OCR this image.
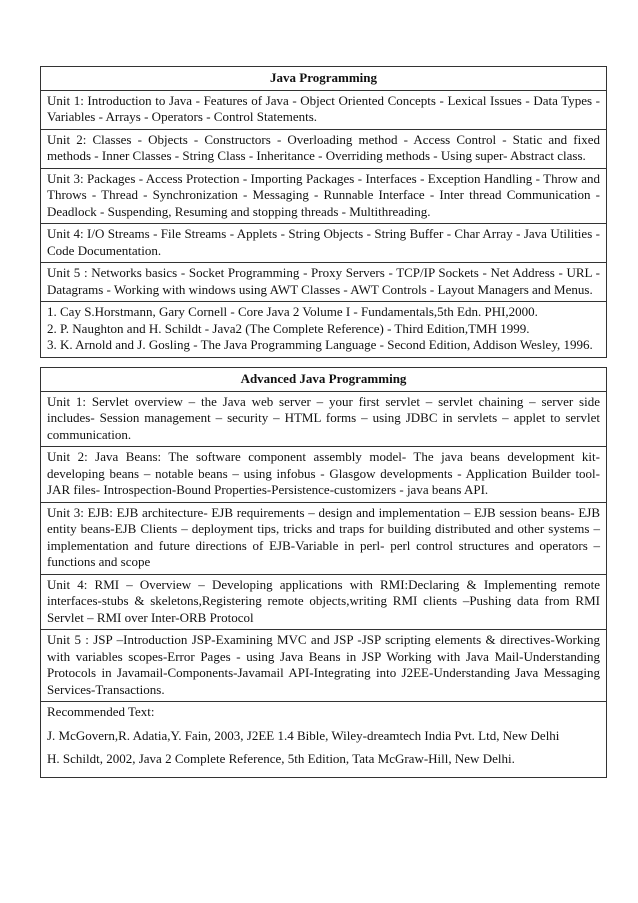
Java Programming
Unit 1: Introduction to Java - Features of Java - Object Oriented Concepts - Lexical Issues - Data Types - Variables - Arrays - Operators - Control Statements.
Unit 2: Classes - Objects - Constructors - Overloading method - Access Control - Static and fixed methods - Inner Classes - String Class - Inheritance - Overriding methods - Using super- Abstract class.
Unit 3: Packages - Access Protection - Importing Packages - Interfaces - Exception Handling - Throw and Throws - Thread - Synchronization - Messaging - Runnable Interface - Inter thread Communication - Deadlock - Suspending, Resuming and stopping threads - Multithreading.
Unit 4: I/O Streams - File Streams - Applets - String Objects - String Buffer - Char Array - Java Utilities - Code Documentation.
Unit 5 : Networks basics - Socket Programming - Proxy Servers - TCP/IP Sockets - Net Address - URL - Datagrams - Working with windows using AWT Classes - AWT Controls - Layout Managers and Menus.

1. Cay S.Horstmann, Gary Cornell - Core Java 2 Volume I - Fundamentals,5th Edn. PHI,2000.
2. P. Naughton and H. Schildt - Java2 (The Complete Reference) - Third Edition,TMH 1999.
3. K. Arnold and J. Gosling - The Java Programming Language - Second Edition, Addison Wesley, 1996.
Advanced Java Programming
Unit 1: Servlet overview – the Java web server – your first servlet – servlet chaining – server side includes- Session management – security – HTML forms – using JDBC in servlets – applet to servlet communication.
Unit 2: Java Beans: The software component assembly model- The java beans development kit- developing beans – notable beans – using infobus - Glasgow developments - Application Builder tool- JAR files- Introspection-Bound Properties-Persistence-customizers - java beans API.
Unit 3: EJB: EJB architecture- EJB requirements – design and implementation – EJB session beans- EJB entity beans-EJB Clients – deployment tips, tricks and traps for building distributed and other systems – implementation and future directions of EJB-Variable in perl- perl control structures and operators – functions and scope
Unit 4: RMI – Overview – Developing applications with RMI:Declaring & Implementing remote interfaces-stubs & skeletons,Registering remote objects,writing RMI clients –Pushing data from RMI Servlet – RMI over Inter-ORB Protocol
Unit 5 : JSP –Introduction JSP-Examining MVC and JSP -JSP scripting elements & directives-Working with variables scopes-Error Pages - using Java Beans in JSP Working with Java Mail-Understanding Protocols in Javamail-Components-Javamail API-Integrating into J2EE-Understanding Java Messaging Services-Transactions.

Recommended Text:

J. McGovern,R. Adatia,Y. Fain, 2003, J2EE 1.4 Bible, Wiley-dreamtech India Pvt. Ltd, New Delhi

H. Schildt, 2002, Java 2 Complete Reference, 5th Edition, Tata McGraw-Hill, New Delhi.
